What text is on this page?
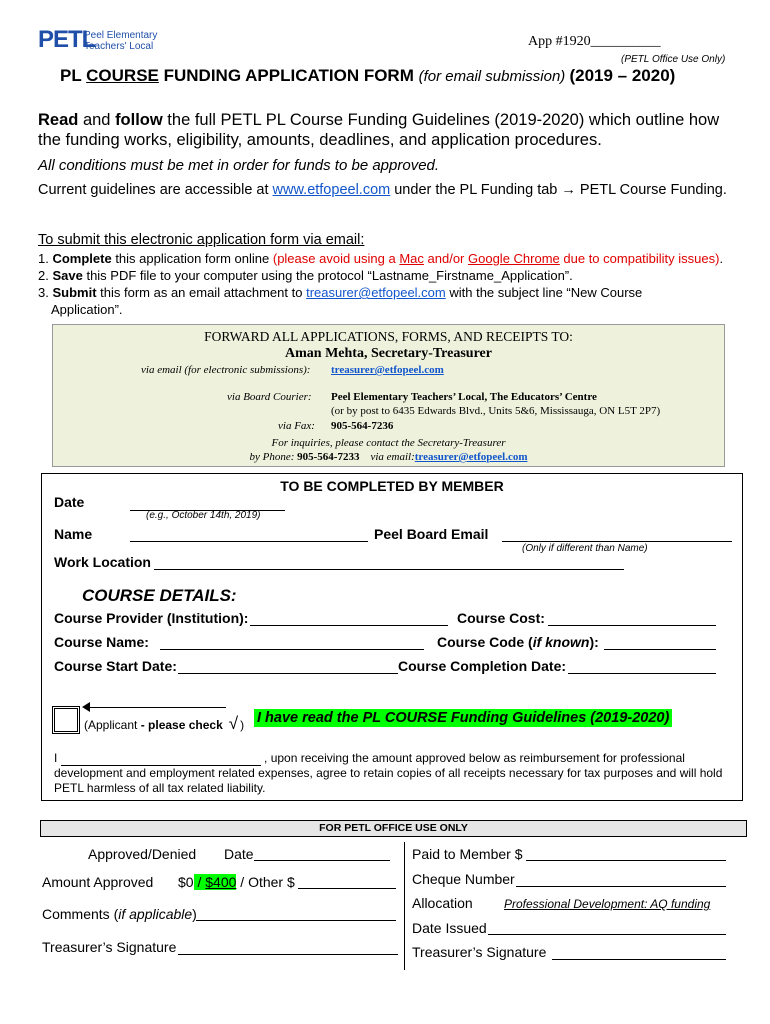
PETL
Peel Elementary
Teachers' Local	App #1920__________
(PETL Office Use Only)
PL COURSE FUNDING APPLICATION FORM (for email submission) (2019 – 2020)
Read and follow the full PETL PL Course Funding Guidelines (2019-2020) which outline how the funding works, eligibility, amounts, deadlines, and application procedures.
All conditions must be met in order for funds to be approved.
Current guidelines are accessible at www.etfopeel.com under the PL Funding tab → PETL Course Funding.
To submit this electronic application form via email:
1. Complete this application form online (please avoid using a Mac and/or Google Chrome due to compatibility issues).
2. Save this PDF file to your computer using the protocol “Lastname_Firstname_Application”.
3. Submit this form as an email attachment to treasurer@etfopeel.com with the subject line “New Course
Application”.
FORWARD ALL APPLICATIONS, FORMS, AND RECEIPTS TO:
Aman Mehta, Secretary-Treasurer
via email (for electronic submissions): treasurer@etfopeel.com
via Board Courier: Peel Elementary Teachers’ Local, The Educators’ Centre
(or by post to 6435 Edwards Blvd., Units 5&6, Mississauga, ON L5T 2P7)
via Fax: 905-564-7236
For inquiries, please contact the Secretary-Treasurer
by Phone: 905-564-7233 via email:treasurer@etfopeel.com
TO BE COMPLETED BY MEMBER
Date
(e.g., October 14th, 2019)
Name	Peel Board Email
(Only if different than Name)
Work Location
COURSE DETAILS:
Course Provider (Institution):	Course Cost:
Course Name:	Course Code (if known):
Course Start Date:	Course Completion Date:
(Applicant - please check √ ) I have read the PL COURSE Funding Guidelines (2019-2020)
I	, upon receiving the amount approved below as reimbursement for professional development and employment related expenses, agree to retain copies of all receipts necessary for tax purposes and will hold PETL harmless of all tax related liability.
FOR PETL OFFICE USE ONLY
Approved/Denied Date
Amount Approved $0 / $400 / Other $
Comments (if applicable)
Treasurer’s Signature
Paid to Member $
Cheque Number
Allocation	Professional Development: AQ funding
Date Issued
Treasurer’s Signature
